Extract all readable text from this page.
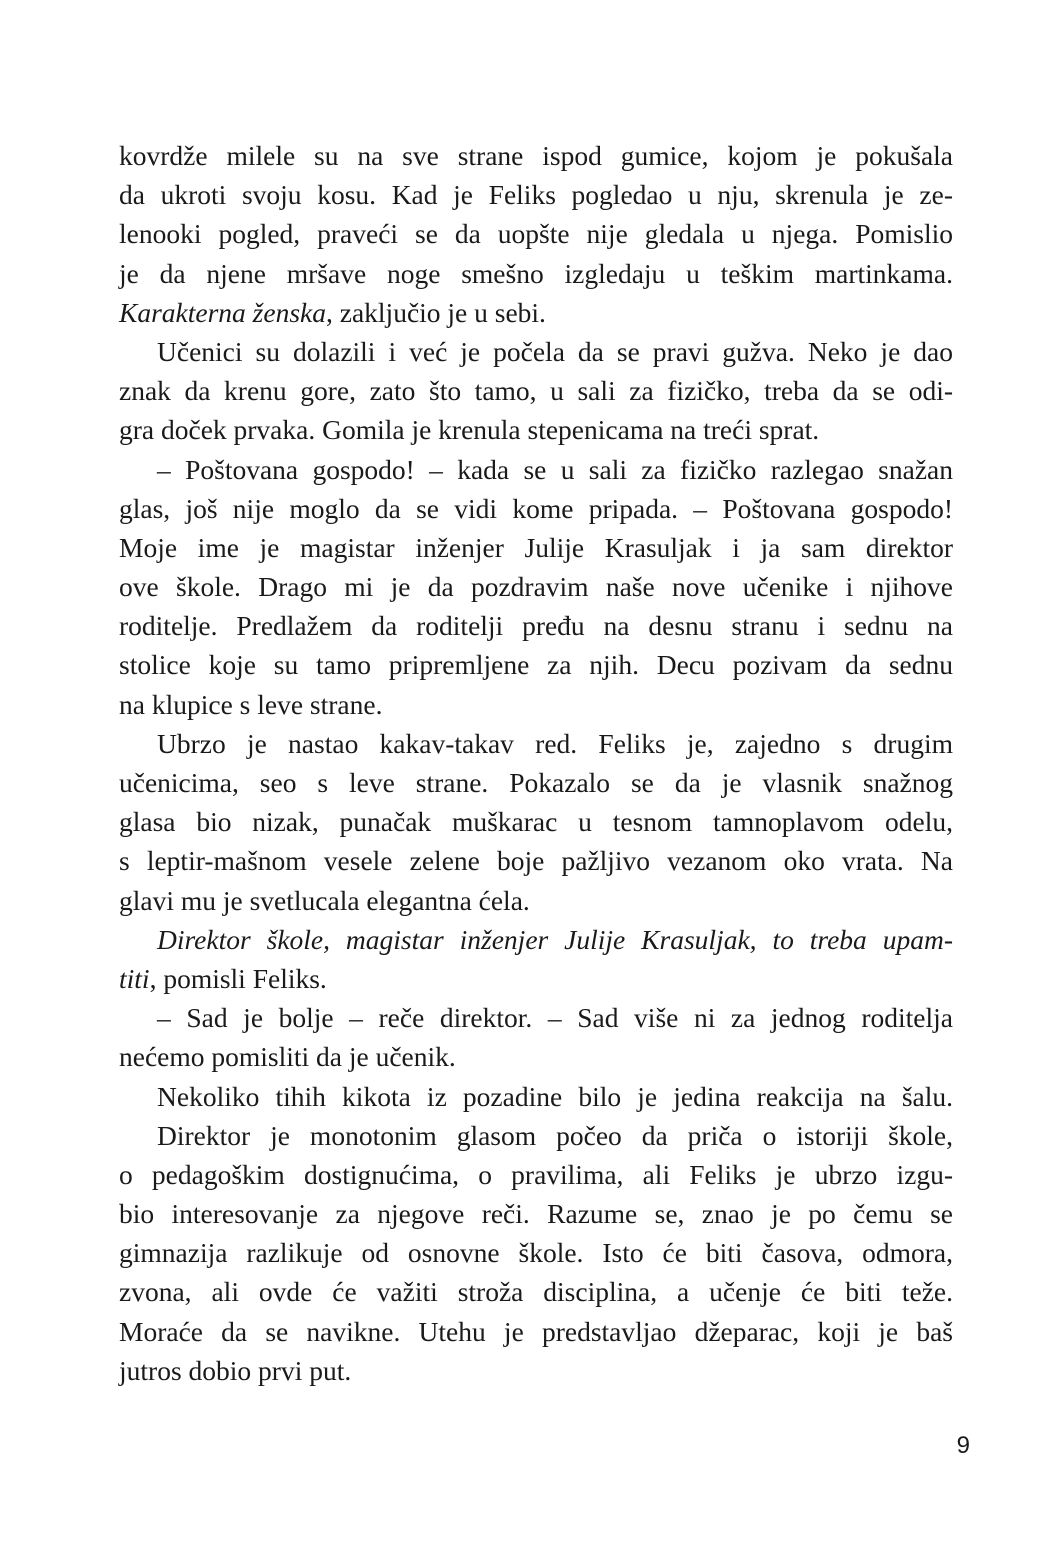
kovrdže milele su na sve strane ispod gumice, kojom je pokušala
da ukroti svoju kosu. Kad je Feliks pogledao u nju, skrenula je ze-
lenooki pogled, praveći se da uopšte nije gledala u njega. Pomislio
je da njene mršave noge smešno izgledaju u teškim martinkama.
Karakterna ženska, zaključio je u sebi.
Učenici su dolazili i već je počela da se pravi gužva. Neko je dao
znak da krenu gore, zato što tamo, u sali za fizičko, treba da se odi-
gra doček prvaka. Gomila je krenula stepenicama na treći sprat.
– Poštovana gospodo! – kada se u sali za fizičko razlegao snažan
glas, još nije moglo da se vidi kome pripada. – Poštovana gospodo!
Moje ime je magistar inženjer Julije Krasuljak i ja sam direktor
ove škole. Drago mi je da pozdravim naše nove učenike i njihove
roditelje. Predlažem da roditelji pređu na desnu stranu i sednu na
stolice koje su tamo pripremljene za njih. Decu pozivam da sednu
na klupice s leve strane.
Ubrzo je nastao kakav-takav red. Feliks je, zajedno s drugim
učenicima, seo s leve strane. Pokazalo se da je vlasnik snažnog
glasa bio nizak, punačak muškarac u tesnom tamnoplavom odelu,
s leptir-mašnom vesele zelene boje pažljivo vezanom oko vrata. Na
glavi mu je svetlucala elegantna ćela.
Direktor škole, magistar inženjer Julije Krasuljak, to treba upam-
titi, pomisli Feliks.
– Sad je bolje – reče direktor. – Sad više ni za jednog roditelja
nećemo pomisliti da je učenik.
Nekoliko tihih kikota iz pozadine bilo je jedina reakcija na šalu.
Direktor je monotonim glasom počeo da priča o istoriji škole,
o pedagoškim dostignućima, o pravilima, ali Feliks je ubrzo izgu-
bio interesovanje za njegove reči. Razume se, znao je po čemu se
gimnazija razlikuje od osnovne škole. Isto će biti časova, odmora,
zvona, ali ovde će važiti stroža disciplina, a učenje će biti teže.
Moraće da se navikne. Utehu je predstavljao džeparac, koji je baš
jutros dobio prvi put.
9
